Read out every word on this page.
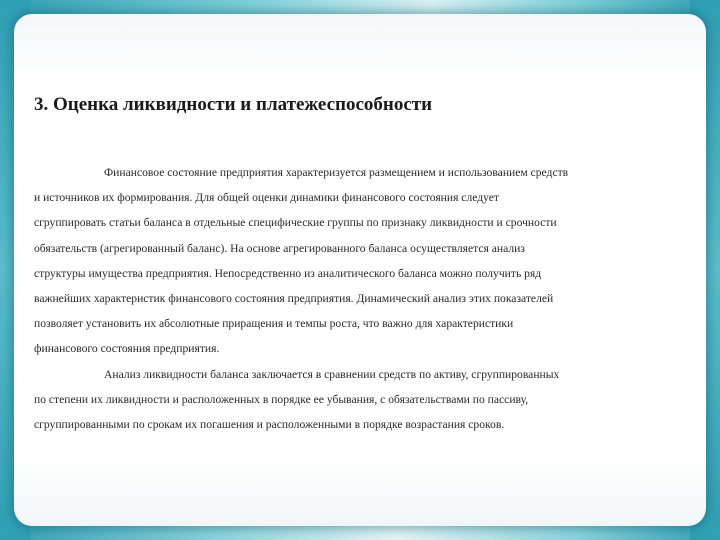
3. Оценка ликвидности и платежеспособности
Финансовое состояние предприятия характеризуется размещением и использованием средств
и источников их формирования. Для общей оценки динамики финансового состояния следует
сгруппировать статьи баланса в отдельные специфические группы по признаку ликвидности и срочности
обязательств (агрегированный баланс). На основе агрегированного баланса осуществляется анализ
структуры имущества предприятия. Непосредственно из аналитического баланса можно получить ряд
важнейших характеристик финансового состояния предприятия. Динамический анализ этих показателей
позволяет установить их абсолютные приращения и темпы роста, что важно для характеристики
финансового состояния предприятия.
Анализ ликвидности баланса заключается в сравнении средств по активу, сгруппированных
по степени их ликвидности и расположенных в порядке ее убывания, с обязательствами по пассиву,
сгруппированными по срокам их погашения и расположенными в порядке возрастания сроков.
